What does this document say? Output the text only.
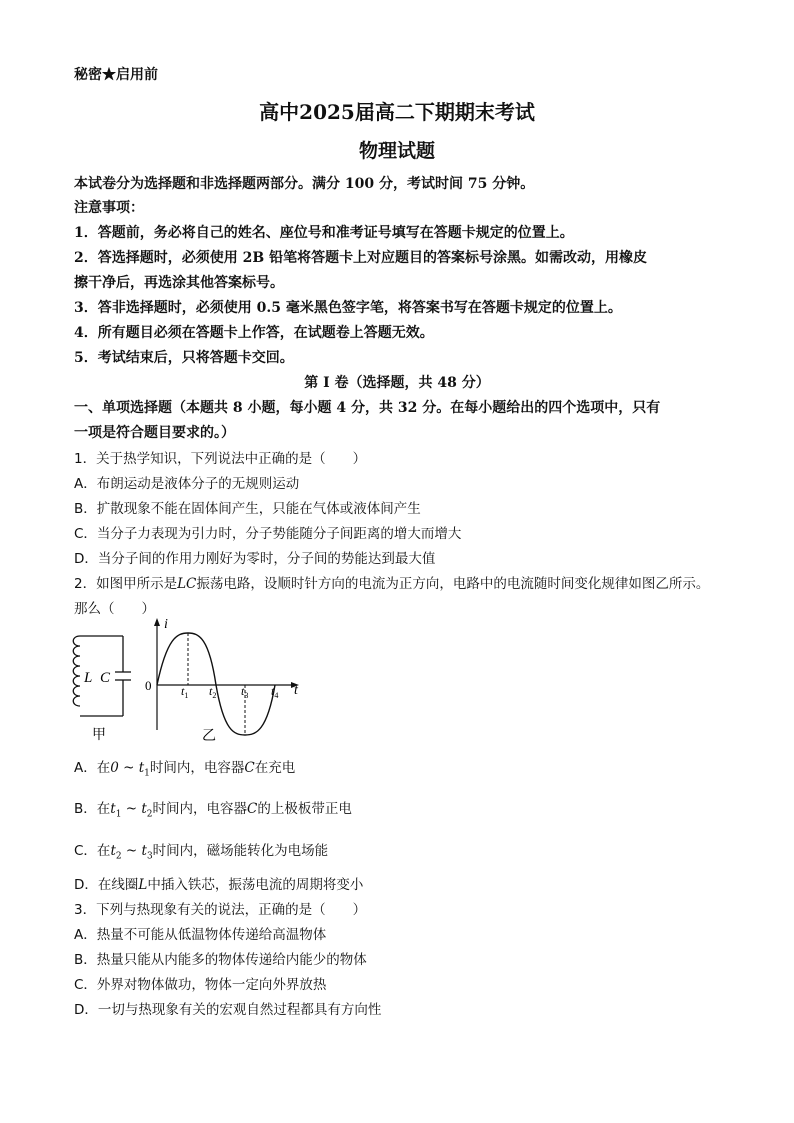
秘密★启用前
高中2025届高二下期期末考试
物理试题
本试卷分为选择题和非选择题两部分。满分 100 分，考试时间 75 分钟。
注意事项：
1．答题前，务必将自己的姓名、座位号和准考证号填写在答题卡规定的位置上。
2．答选择题时，必须使用 2B 铅笔将答题卡上对应题目的答案标号涂黑。如需改动，用橡皮
擦干净后，再选涂其他答案标号。
3．答非选择题时，必须使用 0.5 毫米黑色签字笔，将答案书写在答题卡规定的位置上。
4．所有题目必须在答题卡上作答，在试题卷上答题无效。
5．考试结束后，只将答题卡交回。
第 I 卷（选择题，共 48 分）
一、单项选择题（本题共 8 小题，每小题 4 分，共 32 分。在每小题给出的四个选项中，只有
一项是符合题目要求的。）
1．关于热学知识，下列说法中正确的是（　　）
A．布朗运动是液体分子的无规则运动
B．扩散现象不能在固体间产生，只能在气体或液体间产生
C．当分子力表现为引力时，分子势能随分子间距离的增大而增大
D．当分子间的作用力刚好为零时，分子间的势能达到最大值
2．如图甲所示是LC振荡电路，设顺时针方向的电流为正方向，电路中的电流随时间变化规律如图乙所示。
那么（　　）
L C
甲
i
t
0 $t_1$ $t_2$ $t_3$ $t_4$
乙
A．在0 ~ $t_1$时间内，电容器C在充电
B．在$t_1$ ~ $t_2$时间内，电容器C的上极板带正电
C．在$t_2$ ~ $t_3$时间内，磁场能转化为电场能
D．在线圈L中插入铁芯，振荡电流的周期将变小
3．下列与热现象有关的说法，正确的是（　　）
A．热量不可能从低温物体传递给高温物体
B．热量只能从内能多的物体传递给内能少的物体
C．外界对物体做功，物体一定向外界放热
D．一切与热现象有关的宏观自然过程都具有方向性
